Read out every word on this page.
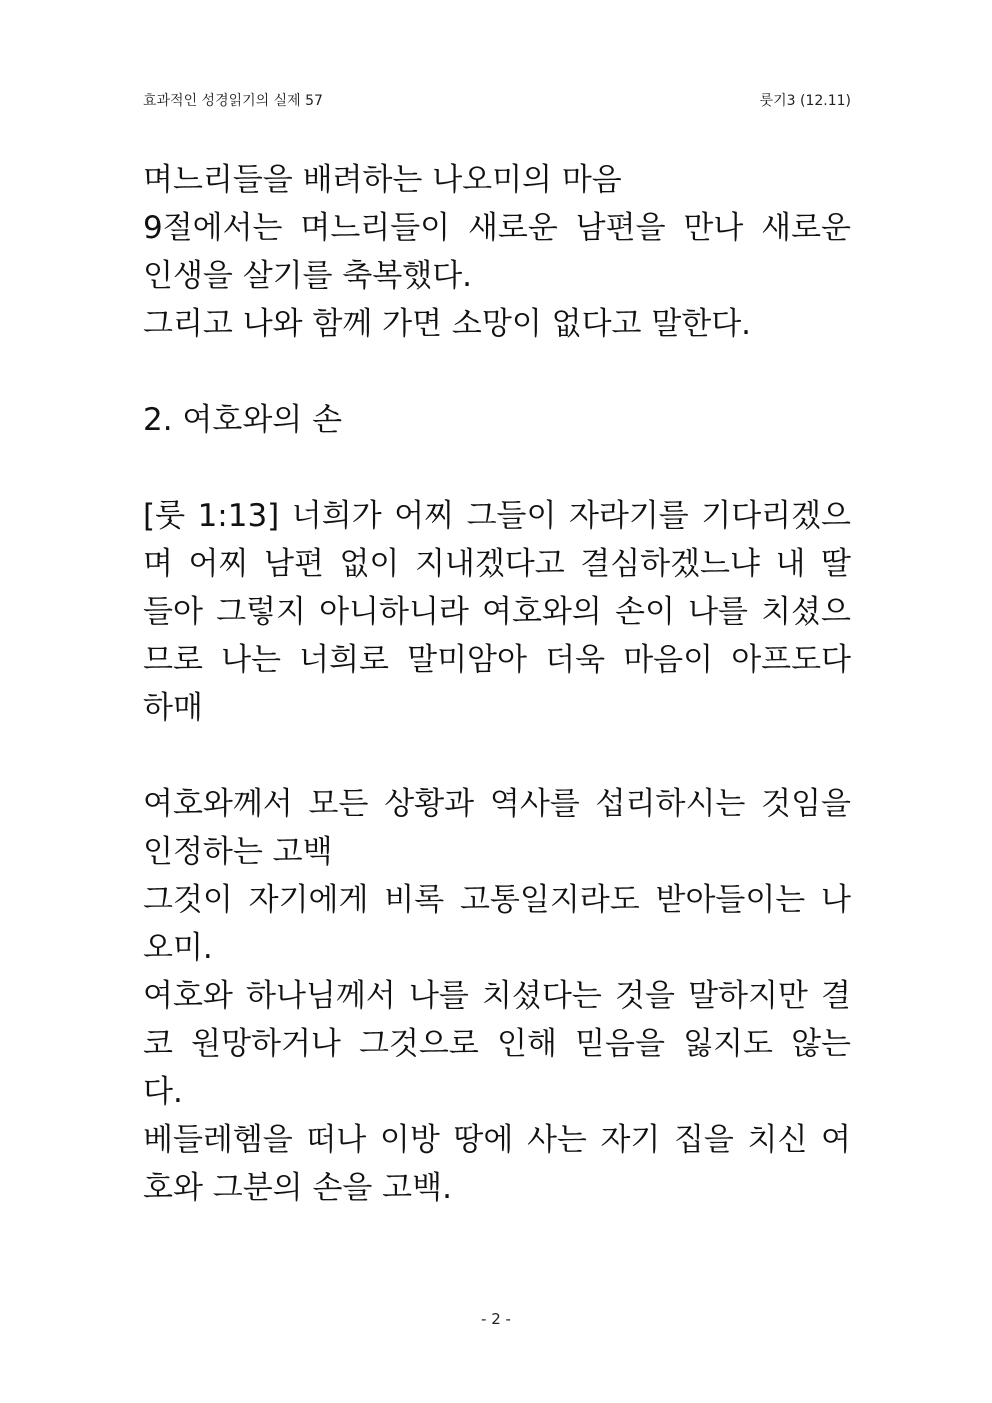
효과적인 성경읽기의 실제 57	룻기3 (12.11)
며느리들을 배려하는 나오미의 마음
9절에서는 며느리들이 새로운 남편을 만나 새로운
인생을 살기를 축복했다.
그리고 나와 함께 가면 소망이 없다고 말한다.
2. 여호와의 손
[룻 1:13] 너희가 어찌 그들이 자라기를 기다리겠으
며 어찌 남편 없이 지내겠다고 결심하겠느냐 내 딸
들아 그렇지 아니하니라 여호와의 손이 나를 치셨으
므로 나는 너희로 말미암아 더욱 마음이 아프도다
하매
여호와께서 모든 상황과 역사를 섭리하시는 것임을
인정하는 고백
그것이 자기에게 비록 고통일지라도 받아들이는 나
오미.
여호와 하나님께서 나를 치셨다는 것을 말하지만 결
코 원망하거나 그것으로 인해 믿음을 잃지도 않는
다.
베들레헴을 떠나 이방 땅에 사는 자기 집을 치신 여
호와 그분의 손을 고백.
- 2 -
